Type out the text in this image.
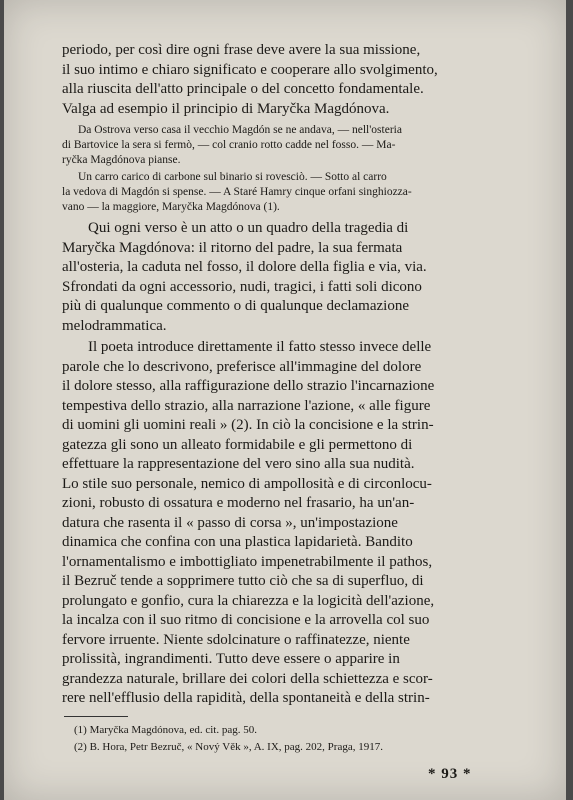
periodo, per così dire ogni frase deve avere la sua missione,
il suo intimo e chiaro significato e cooperare allo svolgimento,
alla riuscita dell'atto principale o del concetto fondamentale.
Valga ad esempio il principio di Maryčka Magdónova.
Da Ostrova verso casa il vecchio Magdón se ne andava, — nell'osteria
di Bartovice la sera si fermò, — col cranio rotto cadde nel fosso. — Ma-
ryčka Magdónova pianse.
Un carro carico di carbone sul binario si rovesciò. — Sotto al carro
la vedova di Magdón si spense. — A Staré Hamry cinque orfani singhiozza-
vano — la maggiore, Maryčka Magdónova (1).
Qui ogni verso è un atto o un quadro della tragedia di
Maryčka Magdónova: il ritorno del padre, la sua fermata
all'osteria, la caduta nel fosso, il dolore della figlia e via, via.
Sfrondati da ogni accessorio, nudi, tragici, i fatti soli dicono
più di qualunque commento o di qualunque declamazione
melodrammatica.
Il poeta introduce direttamente il fatto stesso invece delle
parole che lo descrivono, preferisce all'immagine del dolore
il dolore stesso, alla raffigurazione dello strazio l'incarnazione
tempestiva dello strazio, alla narrazione l'azione, « alle figure
di uomini gli uomini reali » (2). In ciò la concisione e la strin-
gatezza gli sono un alleato formidabile e gli permettono di
effettuare la rappresentazione del vero sino alla sua nudità.
Lo stile suo personale, nemico di ampollosità e di circonlocu-
zioni, robusto di ossatura e moderno nel frasario, ha un'an-
datura che rasenta il « passo di corsa », un'impostazione
dinamica che confina con una plastica lapidarietà. Bandito
l'ornamentalismo e imbottigliato impenetrabilmente il pathos,
il Bezruč tende a sopprimere tutto ciò che sa di superfluo, di
prolungato e gonfio, cura la chiarezza e la logicità dell'azione,
la incalza con il suo ritmo di concisione e la arrovella col suo
fervore irruente. Niente sdolcinature o raffinatezze, niente
prolissità, ingrandimenti. Tutto deve essere o apparire in
grandezza naturale, brillare dei colori della schiettezza e scor-
rere nell'efflusio della rapidità, della spontaneità e della strin-
(1) Maryčka Magdónova, ed. cit. pag. 50.
(2) B. Hora, Petr Bezruč, « Nový Věk », A. IX, pag. 202, Praga, 1917.
* 93 *
